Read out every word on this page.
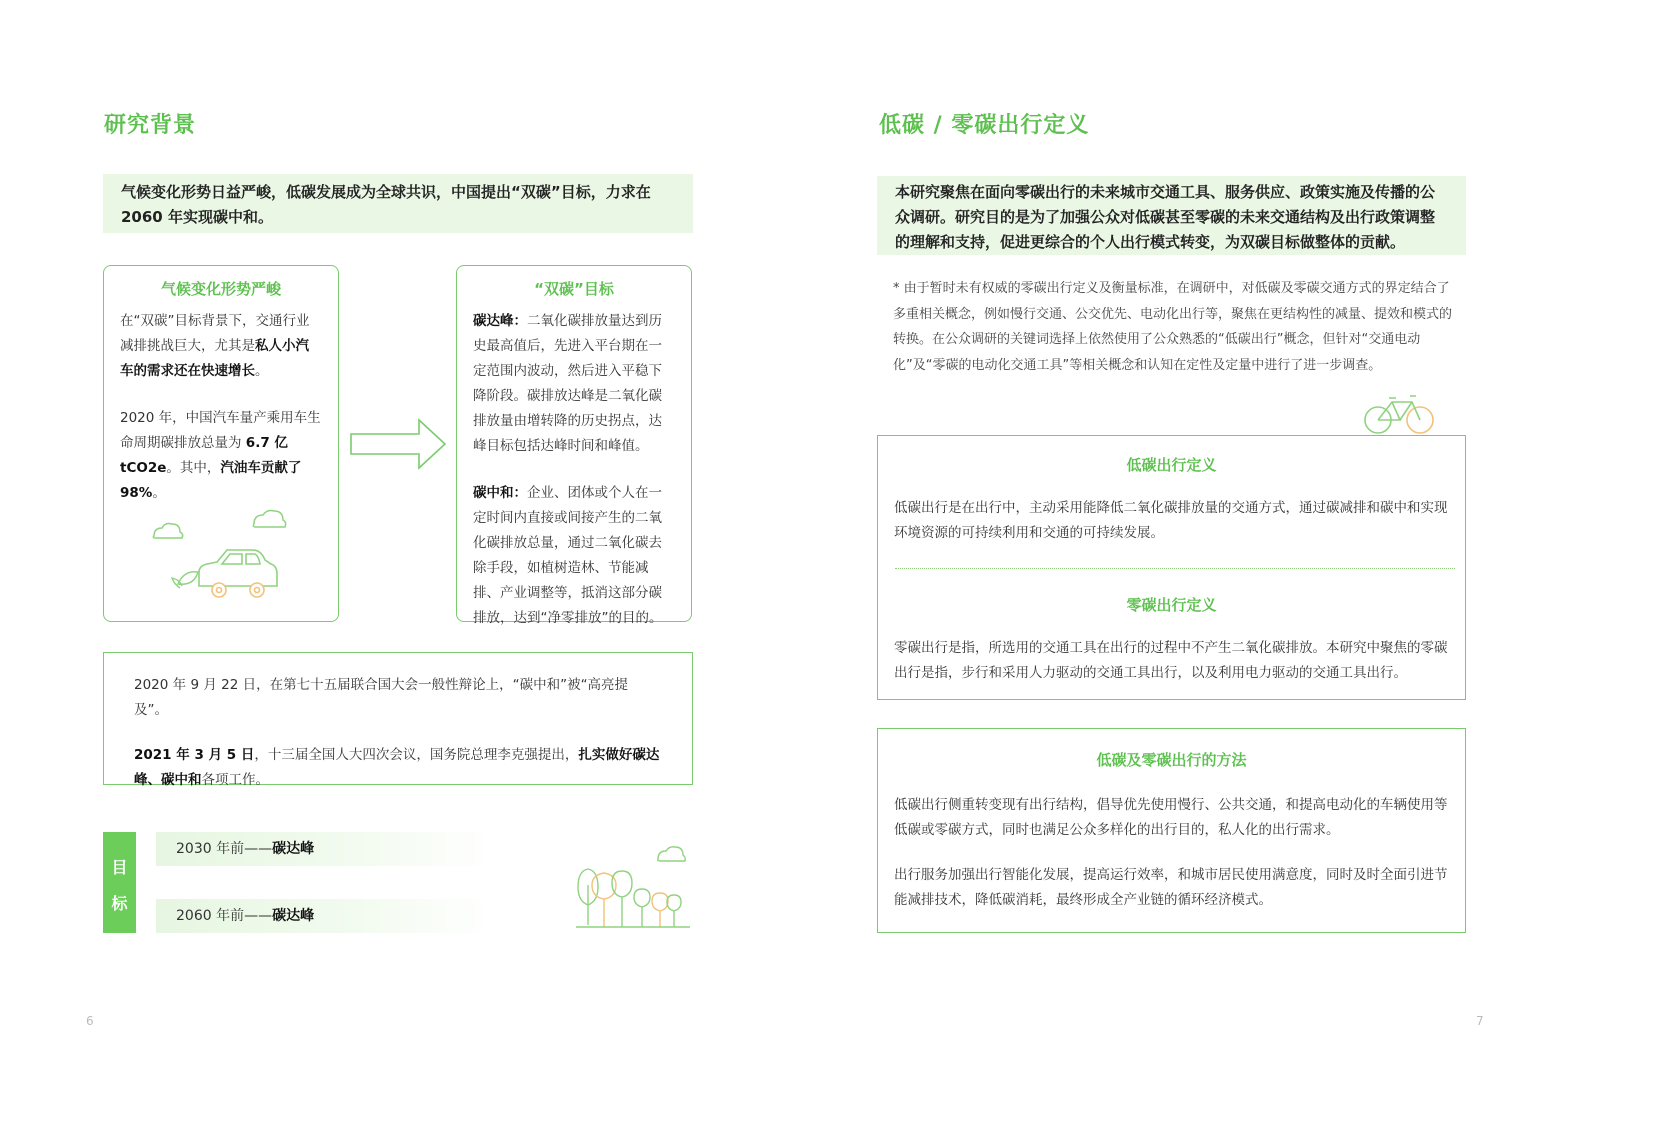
研究背景
气候变化形势日益严峻，低碳发展成为全球共识，中国提出“双碳”目标，力求在 2060 年实现碳中和。
气候变化形势严峻
在“双碳”目标背景下，交通行业减排挑战巨大，尤其是私人小汽车的需求还在快速增长。
2020 年，中国汽车量产乘用车生命周期碳排放总量为 6.7 亿 tCO2e。其中，汽油车贡献了 98%。
“双碳”目标
碳达峰：二氧化碳排放量达到历史最高值后，先进入平台期在一定范围内波动，然后进入平稳下降阶段。碳排放达峰是二氧化碳排放量由增转降的历史拐点，达峰目标包括达峰时间和峰值。
碳中和：企业、团体或个人在一定时间内直接或间接产生的二氧化碳排放总量，通过二氧化碳去除手段，如植树造林、节能减排、产业调整等，抵消这部分碳排放，达到“净零排放”的目的。
2020 年 9 月 22 日，在第七十五届联合国大会一般性辩论上，“碳中和”被“高亮提及”。
2021 年 3 月 5 日，十三届全国人大四次会议，国务院总理李克强提出，扎实做好碳达峰、碳中和各项工作。
目
标
2030 年前——碳达峰
2060 年前——碳达峰
6
低碳 / 零碳出行定义
本研究聚焦在面向零碳出行的未来城市交通工具、服务供应、政策实施及传播的公众调研。研究目的是为了加强公众对低碳甚至零碳的未来交通结构及出行政策调整的理解和支持，促进更综合的个人出行模式转变，为双碳目标做整体的贡献。
* 由于暂时未有权威的零碳出行定义及衡量标准，在调研中，对低碳及零碳交通方式的界定结合了多重相关概念，例如慢行交通、公交优先、电动化出行等，聚焦在更结构性的减量、提效和模式的转换。在公众调研的关键词选择上依然使用了公众熟悉的“低碳出行”概念，但针对“交通电动化”及“零碳的电动化交通工具”等相关概念和认知在定性及定量中进行了进一步调查。
低碳出行定义
低碳出行是在出行中，主动采用能降低二氧化碳排放量的交通方式，通过碳减排和碳中和实现环境资源的可持续利用和交通的可持续发展。
零碳出行定义
零碳出行是指，所选用的交通工具在出行的过程中不产生二氧化碳排放。本研究中聚焦的零碳出行是指，步行和采用人力驱动的交通工具出行，以及利用电力驱动的交通工具出行。
低碳及零碳出行的方法
低碳出行侧重转变现有出行结构，倡导优先使用慢行、公共交通，和提高电动化的车辆使用等低碳或零碳方式，同时也满足公众多样化的出行目的，私人化的出行需求。
出行服务加强出行智能化发展，提高运行效率，和城市居民使用满意度，同时及时全面引进节能减排技术，降低碳消耗，最终形成全产业链的循环经济模式。
7
